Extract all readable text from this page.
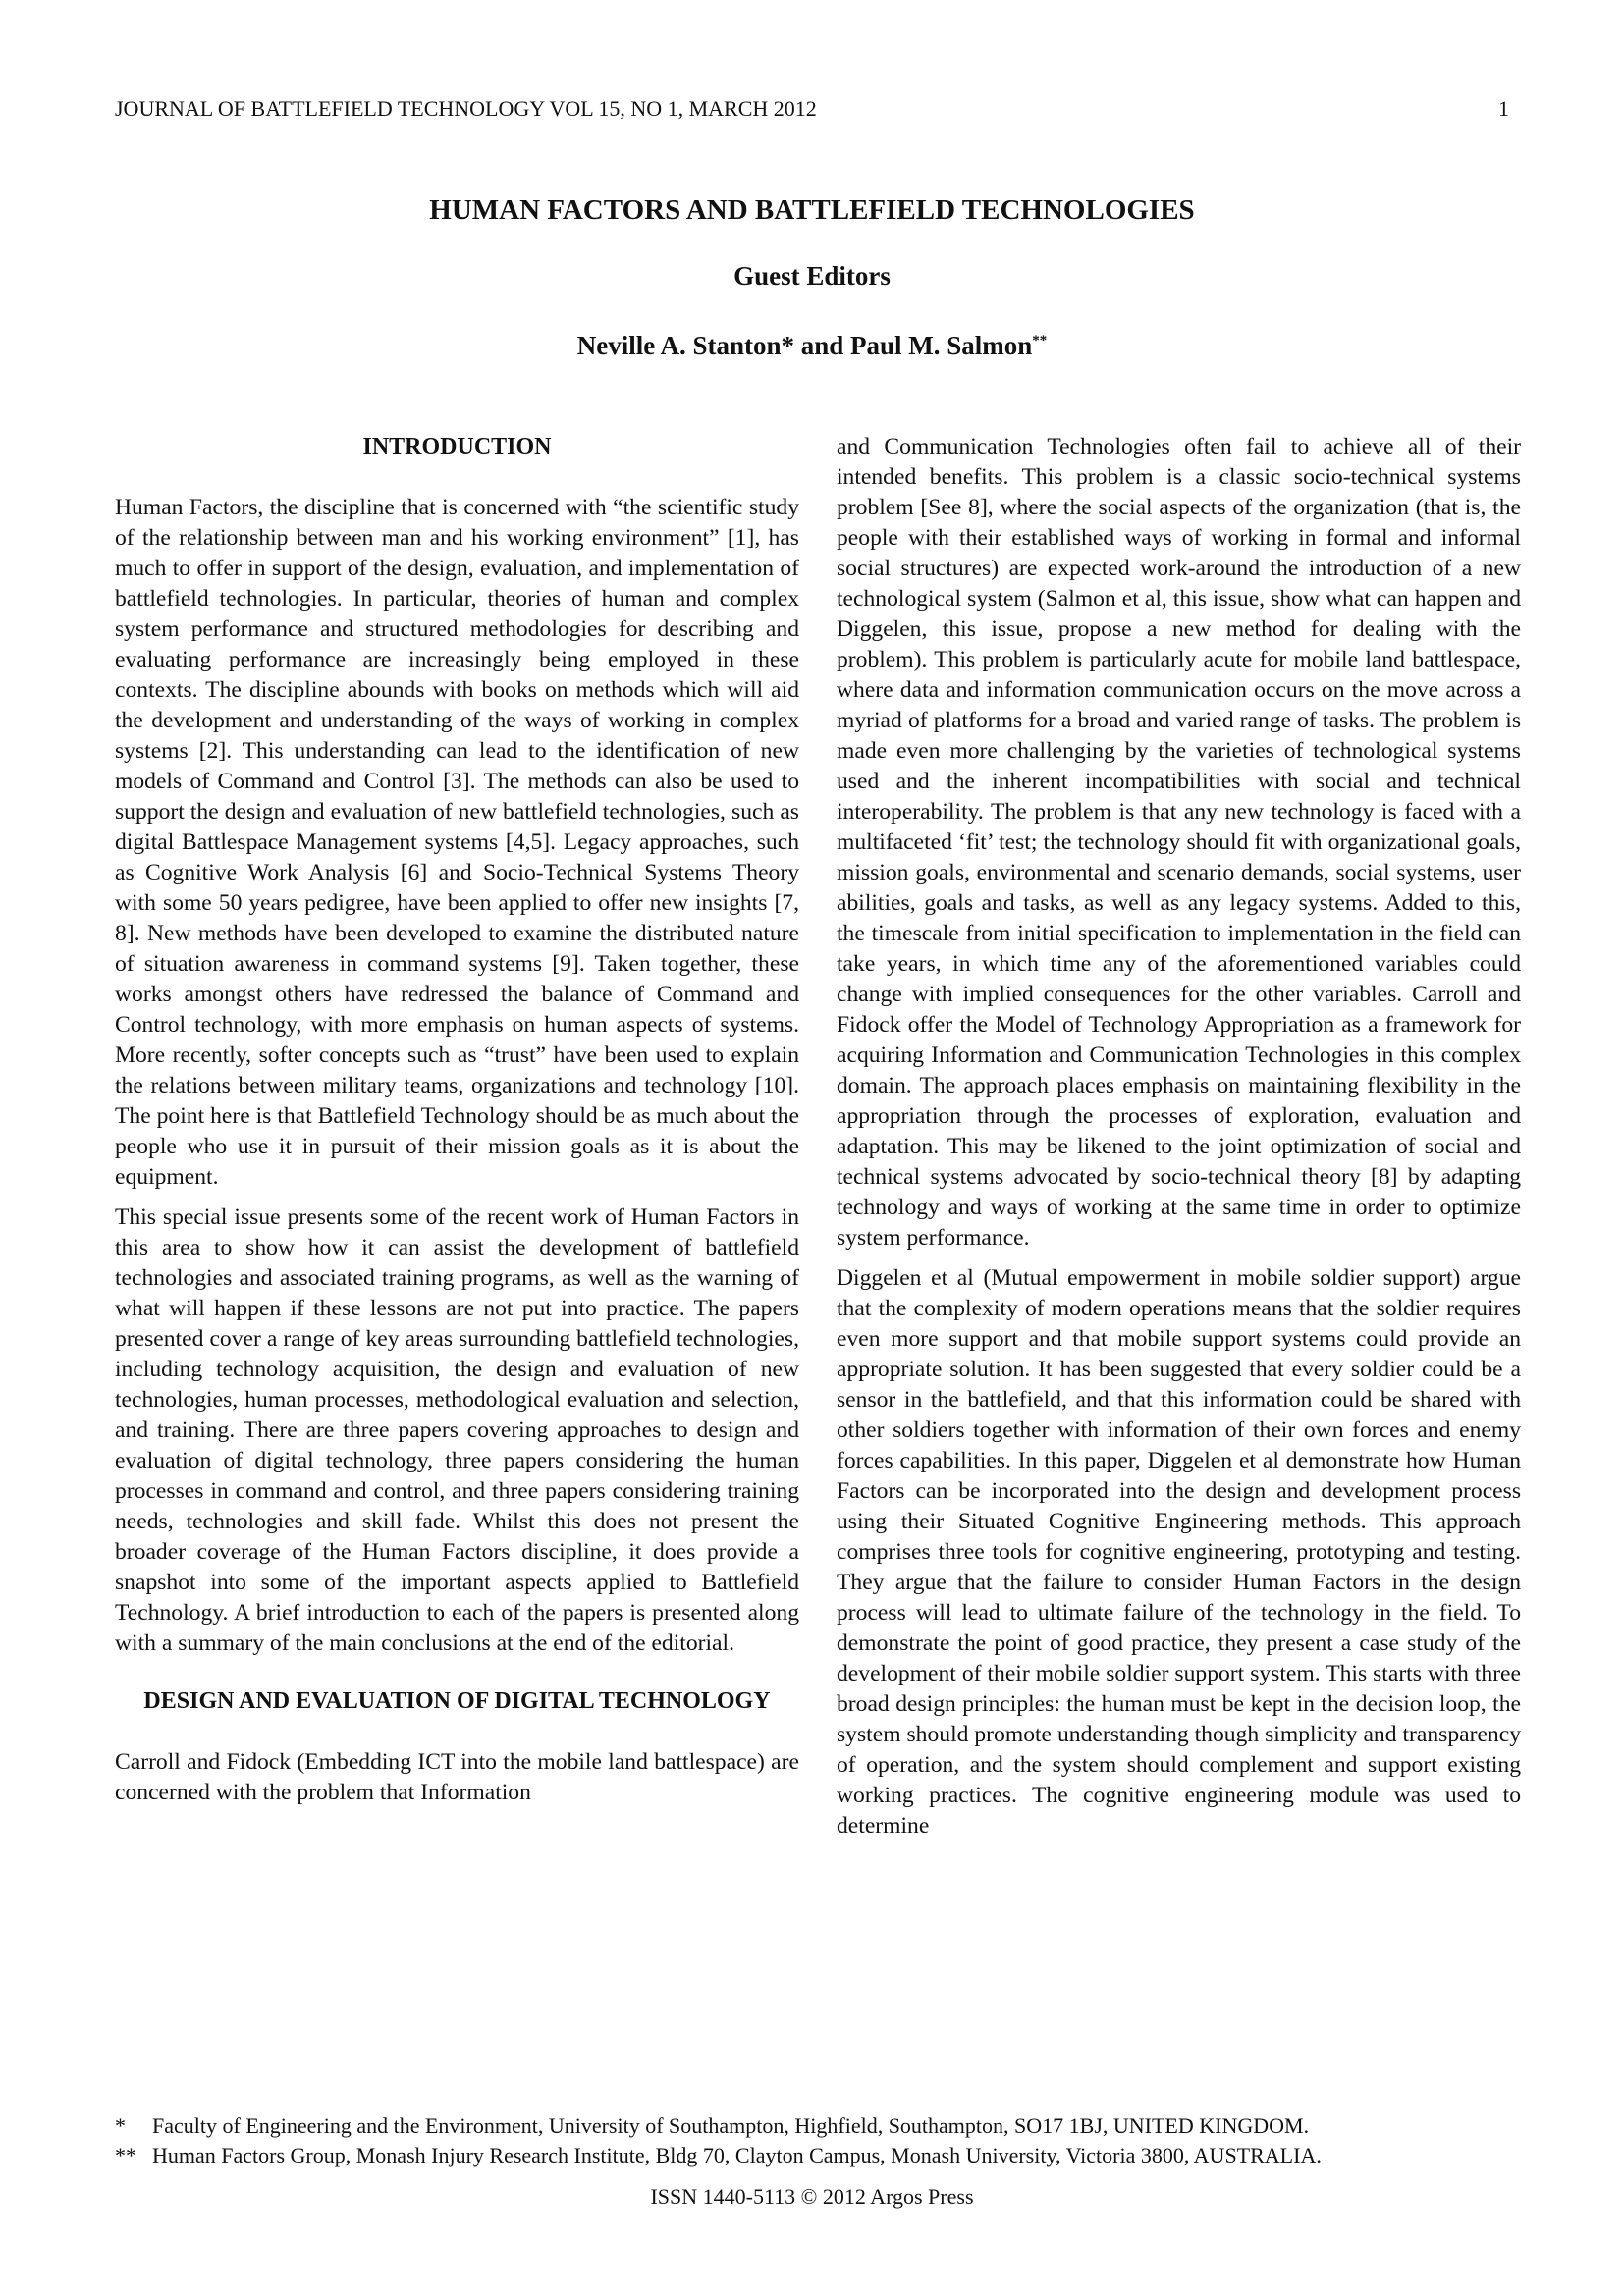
JOURNAL OF BATTLEFIELD TECHNOLOGY VOL 15, NO 1, MARCH 2012	1
HUMAN FACTORS AND BATTLEFIELD TECHNOLOGIES
Guest Editors
Neville A. Stanton* and Paul M. Salmon**
INTRODUCTION

Human Factors, the discipline that is concerned with “the scientific study of the relationship between man and his working environment” [1], has much to offer in support of the design, evaluation, and implementation of battlefield technologies. In particular, theories of human and complex system performance and structured methodologies for describing and evaluating performance are increasingly being employed in these contexts. The discipline abounds with books on methods which will aid the development and understanding of the ways of working in complex systems [2]. This understanding can lead to the identification of new models of Command and Control [3]. The methods can also be used to support the design and evaluation of new battlefield technologies, such as digital Battlespace Management systems [4,5]. Legacy approaches, such as Cognitive Work Analysis [6] and Socio-Technical Systems Theory with some 50 years pedigree, have been applied to offer new insights [7, 8]. New methods have been developed to examine the distributed nature of situation awareness in command systems [9]. Taken together, these works amongst others have redressed the balance of Command and Control technology, with more emphasis on human aspects of systems. More recently, softer concepts such as “trust” have been used to explain the relations between military teams, organizations and technology [10]. The point here is that Battlefield Technology should be as much about the people who use it in pursuit of their mission goals as it is about the equipment.

This special issue presents some of the recent work of Human Factors in this area to show how it can assist the development of battlefield technologies and associated training programs, as well as the warning of what will happen if these lessons are not put into practice. The papers presented cover a range of key areas surrounding battlefield technologies, including technology acquisition, the design and evaluation of new technologies, human processes, methodological evaluation and selection, and training. There are three papers covering approaches to design and evaluation of digital technology, three papers considering the human processes in command and control, and three papers considering training needs, technologies and skill fade. Whilst this does not present the broader coverage of the Human Factors discipline, it does provide a snapshot into some of the important aspects applied to Battlefield Technology. A brief introduction to each of the papers is presented along with a summary of the main conclusions at the end of the editorial.

DESIGN AND EVALUATION OF DIGITAL TECHNOLOGY

Carroll and Fidock (Embedding ICT into the mobile land battlespace) are concerned with the problem that Information

and Communication Technologies often fail to achieve all of their intended benefits. This problem is a classic socio-technical systems problem [See 8], where the social aspects of the organization (that is, the people with their established ways of working in formal and informal social structures) are expected work-around the introduction of a new technological system (Salmon et al, this issue, show what can happen and Diggelen, this issue, propose a new method for dealing with the problem). This problem is particularly acute for mobile land battlespace, where data and information communication occurs on the move across a myriad of platforms for a broad and varied range of tasks. The problem is made even more challenging by the varieties of technological systems used and the inherent incompatibilities with social and technical interoperability. The problem is that any new technology is faced with a multifaceted ‘fit’ test; the technology should fit with organizational goals, mission goals, environmental and scenario demands, social systems, user abilities, goals and tasks, as well as any legacy systems. Added to this, the timescale from initial specification to implementation in the field can take years, in which time any of the aforementioned variables could change with implied consequences for the other variables. Carroll and Fidock offer the Model of Technology Appropriation as a framework for acquiring Information and Communication Technologies in this complex domain. The approach places emphasis on maintaining flexibility in the appropriation through the processes of exploration, evaluation and adaptation. This may be likened to the joint optimization of social and technical systems advocated by socio-technical theory [8] by adapting technology and ways of working at the same time in order to optimize system performance.

Diggelen et al (Mutual empowerment in mobile soldier support) argue that the complexity of modern operations means that the soldier requires even more support and that mobile support systems could provide an appropriate solution. It has been suggested that every soldier could be a sensor in the battlefield, and that this information could be shared with other soldiers together with information of their own forces and enemy forces capabilities. In this paper, Diggelen et al demonstrate how Human Factors can be incorporated into the design and development process using their Situated Cognitive Engineering methods. This approach comprises three tools for cognitive engineering, prototyping and testing. They argue that the failure to consider Human Factors in the design process will lead to ultimate failure of the technology in the field. To demonstrate the point of good practice, they present a case study of the development of their mobile soldier support system. This starts with three broad design principles: the human must be kept in the decision loop, the system should promote understanding though simplicity and transparency of operation, and the system should complement and support existing working practices. The cognitive engineering module was used to determine

* Faculty of Engineering and the Environment, University of Southampton, Highfield, Southampton, SO17 1BJ, UNITED KINGDOM.
** Human Factors Group, Monash Injury Research Institute, Bldg 70, Clayton Campus, Monash University, Victoria 3800, AUSTRALIA.
ISSN 1440-5113 © 2012 Argos Press
